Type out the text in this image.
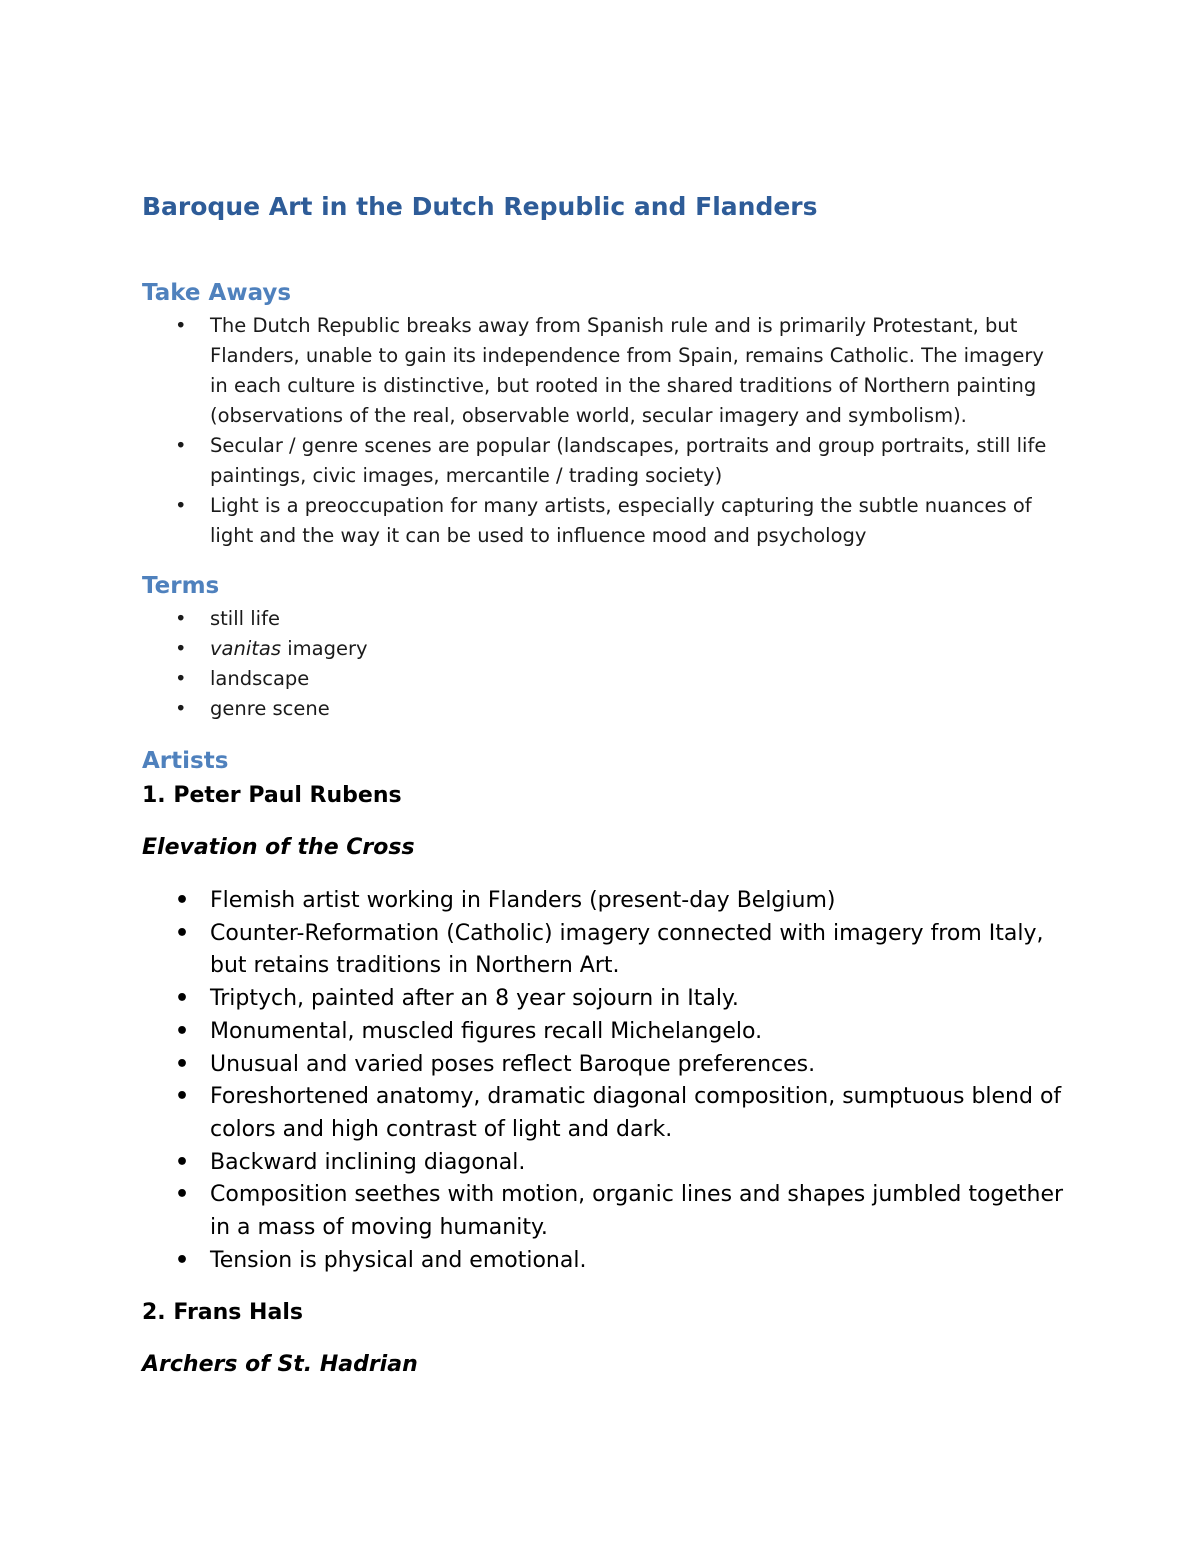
Baroque Art in the Dutch Republic and Flanders
Take Aways
• The Dutch Republic breaks away from Spanish rule and is primarily Protestant, but Flanders, unable to gain its independence from Spain, remains Catholic. The imagery in each culture is distinctive, but rooted in the shared traditions of Northern painting (observations of the real, observable world, secular imagery and symbolism).
• Secular / genre scenes are popular (landscapes, portraits and group portraits, still life paintings, civic images, mercantile / trading society)
• Light is a preoccupation for many artists, especially capturing the subtle nuances of light and the way it can be used to influence mood and psychology
Terms
• still life
• vanitas imagery
• landscape
• genre scene
Artists
1. Peter Paul Rubens
Elevation of the Cross
• Flemish artist working in Flanders (present-day Belgium)
• Counter-Reformation (Catholic) imagery connected with imagery from Italy, but retains traditions in Northern Art.
• Triptych, painted after an 8 year sojourn in Italy.
• Monumental, muscled figures recall Michelangelo.
• Unusual and varied poses reflect Baroque preferences.
• Foreshortened anatomy, dramatic diagonal composition, sumptuous blend of colors and high contrast of light and dark.
• Backward inclining diagonal.
• Composition seethes with motion, organic lines and shapes jumbled together in a mass of moving humanity.
• Tension is physical and emotional.
2. Frans Hals
Archers of St. Hadrian
